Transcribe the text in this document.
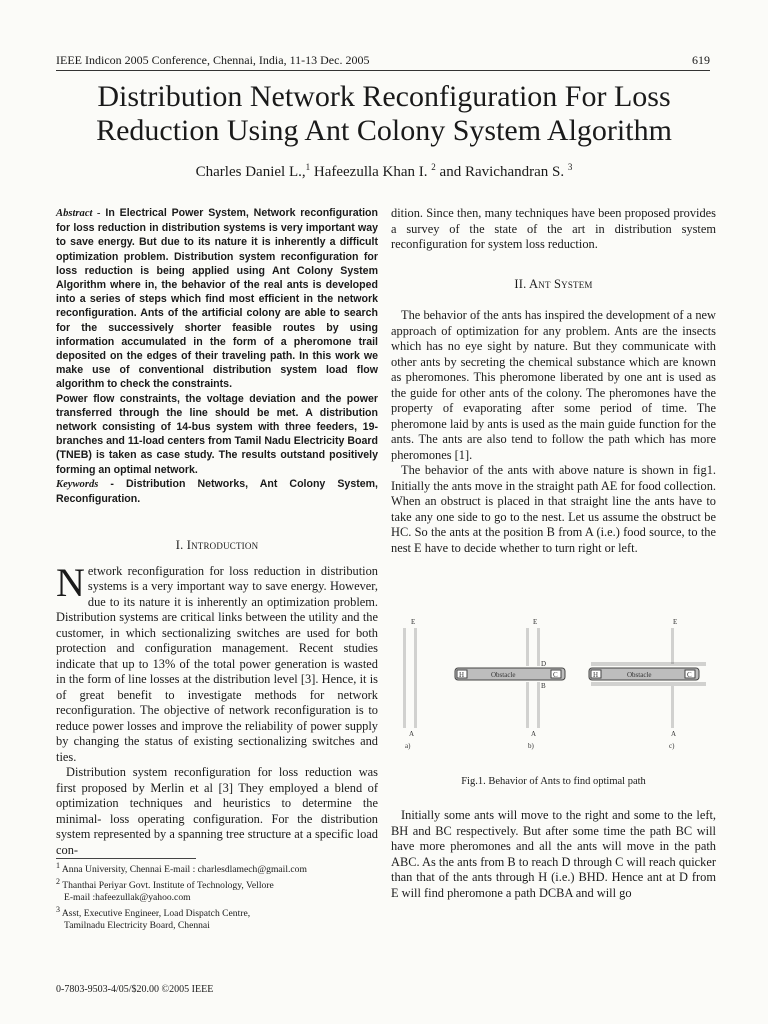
IEEE Indicon 2005 Conference, Chennai, India, 11-13 Dec. 2005	619
Distribution Network Reconfiguration For Loss
Reduction Using Ant Colony System Algorithm
Charles Daniel L.,$^1$ Hafeezulla Khan I. $^2$ and Ravichandran S. $^3$

Abstract - In Electrical Power System, Network reconfiguration for loss reduction in distribution systems is very important way to save energy. But due to its nature it is inherently a difficult optimization problem. Distribution system reconfiguration for loss reduction is being applied using Ant Colony System Algorithm where in, the behavior of the real ants is developed into a series of steps which find most efficient in the network reconfiguration. Ants of the artificial colony are able to search for the successively shorter feasible routes by using information accumulated in the form of a pheromone trail deposited on the edges of their traveling path. In this work we make use of conventional distribution system load flow algorithm to check the constraints.

Power flow constraints, the voltage deviation and the power transferred through the line should be met. A distribution network consisting of 14-bus system with three feeders, 19-branches and 11-load centers from Tamil Nadu Electricity Board (TNEB) is taken as case study. The results outstand positively forming an optimal network.

Keywords - Distribution Networks, Ant Colony System, Reconfiguration.

I. Introduction

Network reconfiguration for loss reduction in distribution systems is a very important way to save energy. However, due to its nature it is inherently an optimization problem. Distribution systems are critical links between the utility and the customer, in which sectionalizing switches are used for both protection and configuration management. Recent studies indicate that up to 13% of the total power generation is wasted in the form of line losses at the distribution level [3]. Hence, it is of great benefit to investigate methods for network reconfiguration. The objective of network reconfiguration is to reduce power losses and improve the reliability of power supply by changing the status of existing sectionalizing switches and ties.

Distribution system reconfiguration for loss reduction was first proposed by Merlin et al [3] They employed a blend of optimization techniques and heuristics to determine the minimal- loss operating configuration. For the distribution system represented by a spanning tree structure at a specific load con-

$^1$ Anna University, Chennai E-mail : charlesdlamech@gmail.com
$^2$ Thanthai Periyar Govt. Institute of Technology, Vellore
E-mail :hafeezullak@yahoo.com
$^3$ Asst, Executive Engineer, Load Dispatch Centre,
Tamilnadu Electricity Board, Chennai

dition. Since then, many techniques have been proposed provides a survey of the state of the art in distribution system reconfiguration for system loss reduction.

II. Ant System

The behavior of the ants has inspired the development of a new approach of optimization for any problem. Ants are the insects which has no eye sight by nature. But they communicate with other ants by secreting the chemical substance which are known as pheromones. This pheromone liberated by one ant is used as the guide for other ants of the colony. The pheromones have the property of evaporating after some period of time. The pheromone laid by ants is used as the main guide function for the ants. The ants are also tend to follow the path which has more pheromones [1].

The behavior of the ants with above nature is shown in fig1. Initially the ants move in the straight path AE for food collection. When an obstruct is placed in that straight line the ants have to take any one side to go to the nest. Let us assume the obstruct be HC. So the ants at the position B from A (i.e.) food source, to the nest E have to decide whether to turn right or left.

E
A
a)
E
H	Obstacle	C
D
B
A
b)
E
H	Obstacle	C
A
c)
Fig.1. Behavior of Ants to find optimal path

Initially some ants will move to the right and some to the left, BH and BC respectively. But after some time the path BC will have more pheromones and all the ants will move in the path ABC. As the ants from B to reach D through C will reach quicker than that of the ants through H (i.e.) BHD. Hence ant at D from E will find pheromone a path DCBA and will go

0-7803-9503-4/05/$20.00 ©2005 IEEE
